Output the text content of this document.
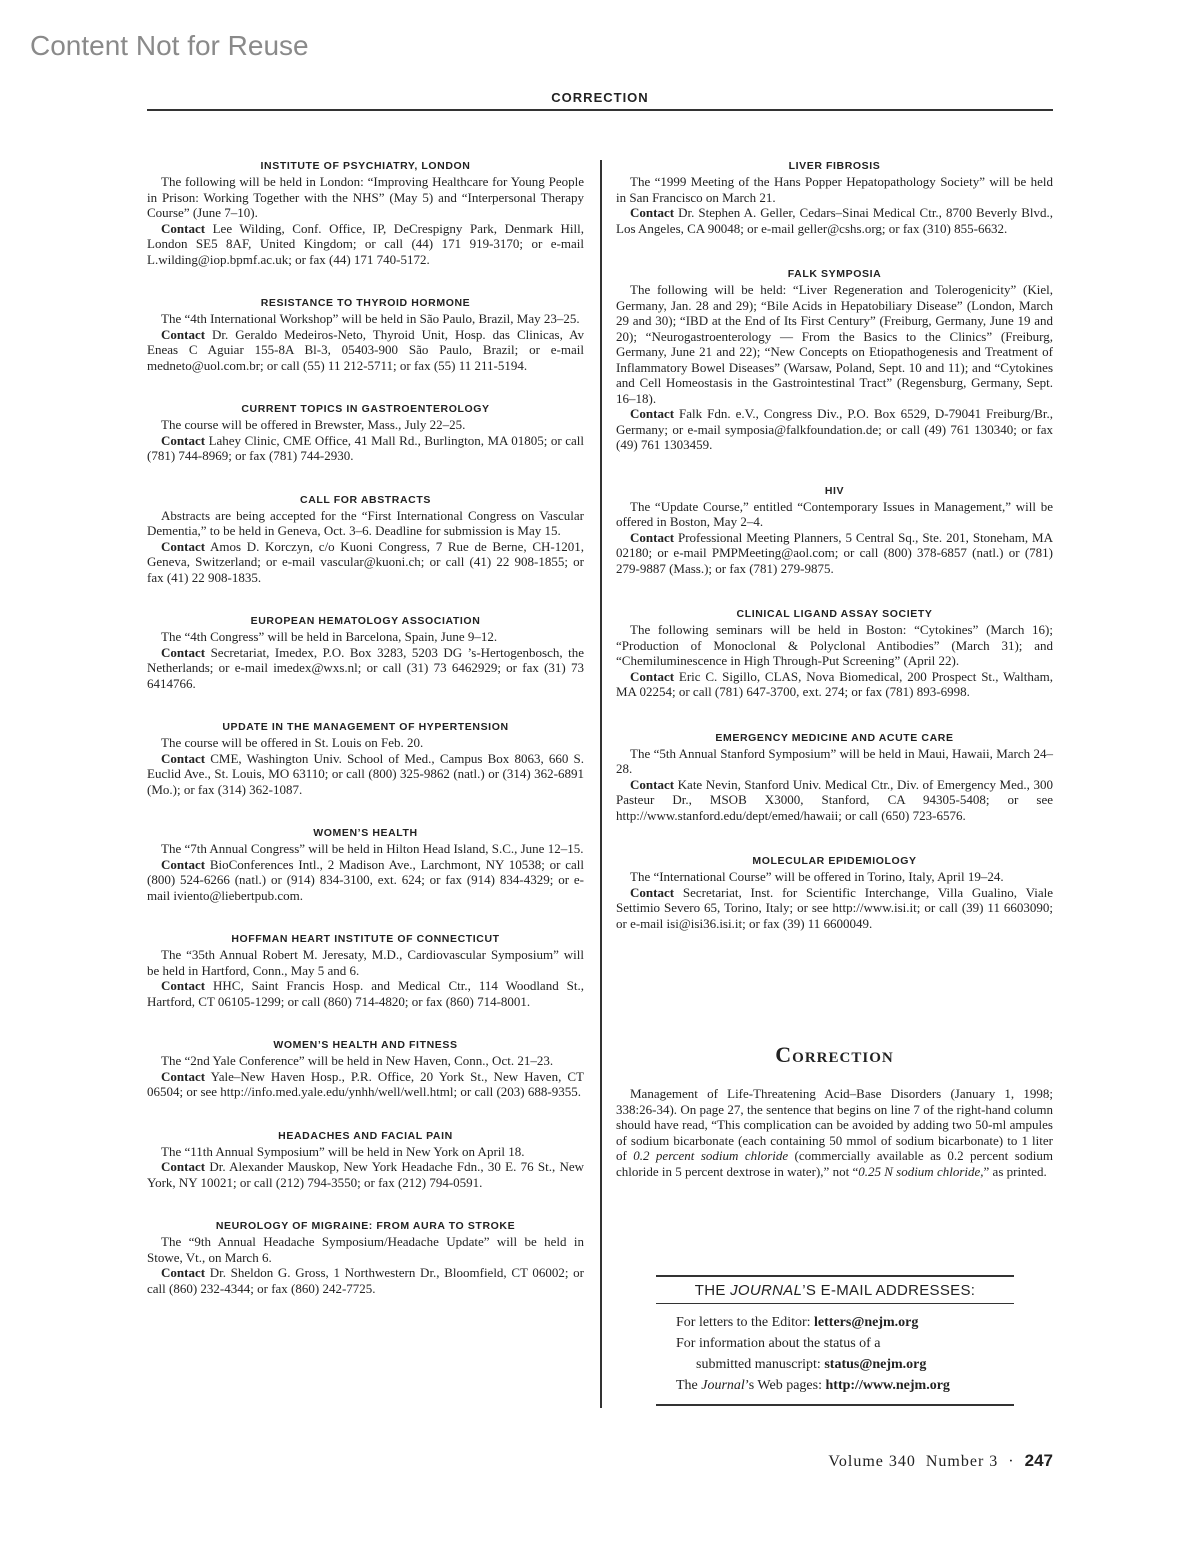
Content Not for Reuse
CORRECTION
INSTITUTE OF PSYCHIATRY, LONDON

The following will be held in London: “Improving Healthcare for Young People in Prison: Working Together with the NHS” (May 5) and “Interpersonal Therapy Course” (June 7–10).

Contact Lee Wilding, Conf. Office, IP, DeCrespigny Park, Denmark Hill, London SE5 8AF, United Kingdom; or call (44) 171 919-3170; or e-mail L.wilding@iop.bpmf.ac.uk; or fax (44) 171 740-5172.

RESISTANCE TO THYROID HORMONE

The “4th International Workshop” will be held in São Paulo, Brazil, May 23–25.

Contact Dr. Geraldo Medeiros-Neto, Thyroid Unit, Hosp. das Clinicas, Av Eneas C Aguiar 155-8A Bl-3, 05403-900 São Paulo, Brazil; or e-mail medneto@uol.com.br; or call (55) 11 212-5711; or fax (55) 11 211-5194.

CURRENT TOPICS IN GASTROENTEROLOGY

The course will be offered in Brewster, Mass., July 22–25.

Contact Lahey Clinic, CME Office, 41 Mall Rd., Burlington, MA 01805; or call (781) 744-8969; or fax (781) 744-2930.

CALL FOR ABSTRACTS

Abstracts are being accepted for the “First International Congress on Vascular Dementia,” to be held in Geneva, Oct. 3–6. Deadline for submission is May 15.

Contact Amos D. Korczyn, c/o Kuoni Congress, 7 Rue de Berne, CH-1201, Geneva, Switzerland; or e-mail vascular@kuoni.ch; or call (41) 22 908-1855; or fax (41) 22 908-1835.

EUROPEAN HEMATOLOGY ASSOCIATION

The “4th Congress” will be held in Barcelona, Spain, June 9–12.

Contact Secretariat, Imedex, P.O. Box 3283, 5203 DG ’s-Hertogenbosch, the Netherlands; or e-mail imedex@wxs.nl; or call (31) 73 6462929; or fax (31) 73 6414766.

UPDATE IN THE MANAGEMENT OF HYPERTENSION

The course will be offered in St. Louis on Feb. 20.

Contact CME, Washington Univ. School of Med., Campus Box 8063, 660 S. Euclid Ave., St. Louis, MO 63110; or call (800) 325-9862 (natl.) or (314) 362-6891 (Mo.); or fax (314) 362-1087.

WOMEN’S HEALTH

The “7th Annual Congress” will be held in Hilton Head Island, S.C., June 12–15.

Contact BioConferences Intl., 2 Madison Ave., Larchmont, NY 10538; or call (800) 524-6266 (natl.) or (914) 834-3100, ext. 624; or fax (914) 834-4329; or e-mail iviento@liebertpub.com.

HOFFMAN HEART INSTITUTE OF CONNECTICUT

The “35th Annual Robert M. Jeresaty, M.D., Cardiovascular Symposium” will be held in Hartford, Conn., May 5 and 6.

Contact HHC, Saint Francis Hosp. and Medical Ctr., 114 Woodland St., Hartford, CT 06105-1299; or call (860) 714-4820; or fax (860) 714-8001.

WOMEN’S HEALTH AND FITNESS

The “2nd Yale Conference” will be held in New Haven, Conn., Oct. 21–23.

Contact Yale–New Haven Hosp., P.R. Office, 20 York St., New Haven, CT 06504; or see http://info.med.yale.edu/ynhh/well/well.html; or call (203) 688-9355.

HEADACHES AND FACIAL PAIN

The “11th Annual Symposium” will be held in New York on April 18.

Contact Dr. Alexander Mauskop, New York Headache Fdn., 30 E. 76 St., New York, NY 10021; or call (212) 794-3550; or fax (212) 794-0591.

NEUROLOGY OF MIGRAINE: FROM AURA TO STROKE

The “9th Annual Headache Symposium/Headache Update” will be held in Stowe, Vt., on March 6.

Contact Dr. Sheldon G. Gross, 1 Northwestern Dr., Bloomfield, CT 06002; or call (860) 232-4344; or fax (860) 242-7725.

LIVER FIBROSIS

The “1999 Meeting of the Hans Popper Hepatopathology Society” will be held in San Francisco on March 21.

Contact Dr. Stephen A. Geller, Cedars–Sinai Medical Ctr., 8700 Beverly Blvd., Los Angeles, CA 90048; or e-mail geller@cshs.org; or fax (310) 855-6632.

FALK SYMPOSIA

The following will be held: “Liver Regeneration and Tolerogenicity” (Kiel, Germany, Jan. 28 and 29); “Bile Acids in Hepatobiliary Disease” (London, March 29 and 30); “IBD at the End of Its First Century” (Freiburg, Germany, June 19 and 20); “Neurogastroenterology — From the Basics to the Clinics” (Freiburg, Germany, June 21 and 22); “New Concepts on Etiopathogenesis and Treatment of Inflammatory Bowel Diseases” (Warsaw, Poland, Sept. 10 and 11); and “Cytokines and Cell Homeostasis in the Gastrointestinal Tract” (Regensburg, Germany, Sept. 16–18).

Contact Falk Fdn. e.V., Congress Div., P.O. Box 6529, D-79041 Freiburg/Br., Germany; or e-mail symposia@falkfoundation.de; or call (49) 761 130340; or fax (49) 761 1303459.

HIV

The “Update Course,” entitled “Contemporary Issues in Management,” will be offered in Boston, May 2–4.

Contact Professional Meeting Planners, 5 Central Sq., Ste. 201, Stoneham, MA 02180; or e-mail PMPMeeting@aol.com; or call (800) 378-6857 (natl.) or (781) 279-9887 (Mass.); or fax (781) 279-9875.

CLINICAL LIGAND ASSAY SOCIETY

The following seminars will be held in Boston: “Cytokines” (March 16); “Production of Monoclonal & Polyclonal Antibodies” (March 31); and “Chemiluminescence in High Through-Put Screening” (April 22).

Contact Eric C. Sigillo, CLAS, Nova Biomedical, 200 Prospect St., Waltham, MA 02254; or call (781) 647-3700, ext. 274; or fax (781) 893-6998.

EMERGENCY MEDICINE AND ACUTE CARE

The “5th Annual Stanford Symposium” will be held in Maui, Hawaii, March 24–28.

Contact Kate Nevin, Stanford Univ. Medical Ctr., Div. of Emergency Med., 300 Pasteur Dr., MSOB X3000, Stanford, CA 94305-5408; or see http://www.stanford.edu/dept/emed/hawaii; or call (650) 723-6576.

MOLECULAR EPIDEMIOLOGY

The “International Course” will be offered in Torino, Italy, April 19–24.

Contact Secretariat, Inst. for Scientific Interchange, Villa Gualino, Viale Settimio Severo 65, Torino, Italy; or see http://www.isi.it; or call (39) 11 6603090; or e-mail isi@isi36.isi.it; or fax (39) 11 6600049.

Correction

Management of Life-Threatening Acid–Base Disorders (January 1, 1998; 338:26-34). On page 27, the sentence that begins on line 7 of the right-hand column should have read, “This complication can be avoided by adding two 50-ml ampules of sodium bicarbonate (each containing 50 mmol of sodium bicarbonate) to 1 liter of 0.2 percent sodium chloride (commercially available as 0.2 percent sodium chloride in 5 percent dextrose in water),” not “0.25 N sodium chloride,” as printed.

THE JOURNAL’S E-MAIL ADDRESSES:
For letters to the Editor: letters@nejm.org
For information about the status of a
submitted manuscript: status@nejm.org
The Journal’s Web pages: http://www.nejm.org
Volume 340 Number 3 · 247
